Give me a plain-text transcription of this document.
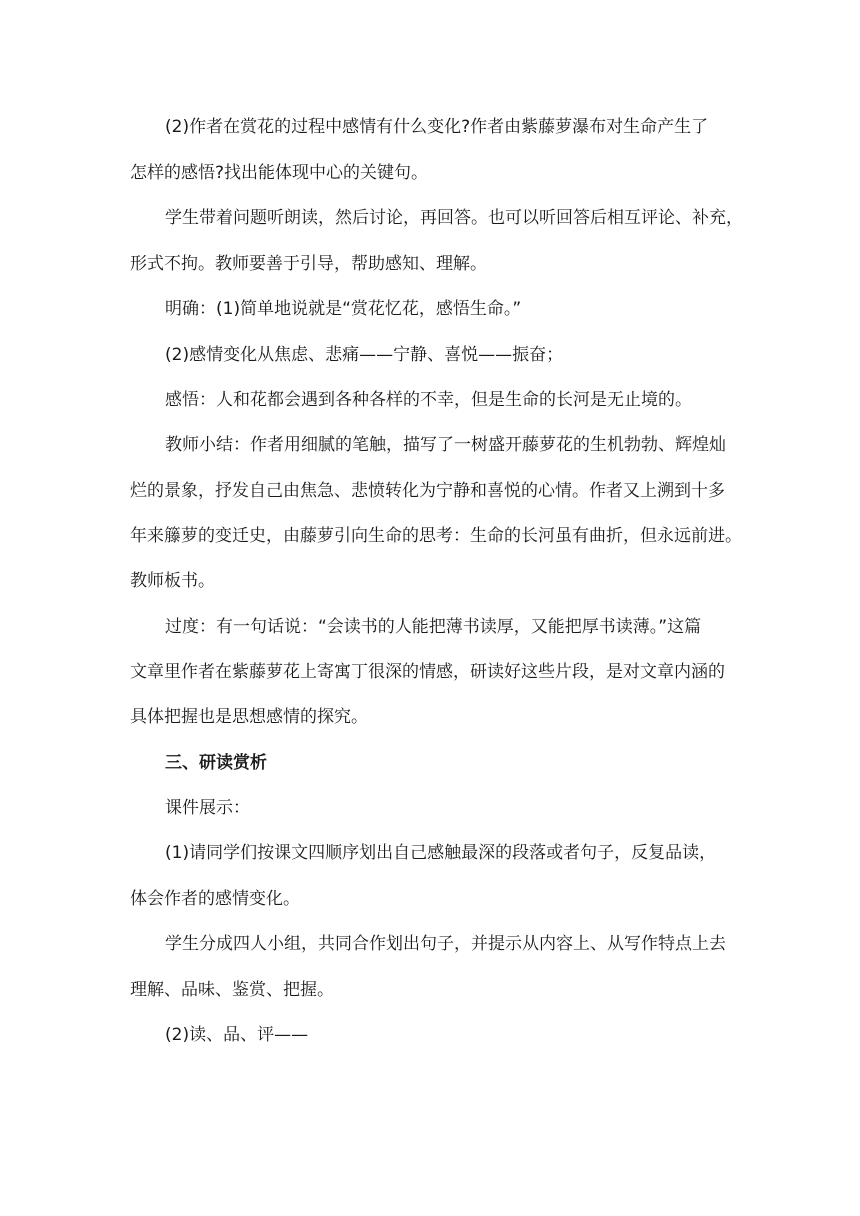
(2)作者在赏花的过程中感情有什么变化?作者由紫藤萝瀑布对生命产生了
怎样的感悟?找出能体现中心的关键句。
学生带着问题听朗读，然后讨论，再回答。也可以听回答后相互评论、补充，
形式不拘。教师要善于引导，帮助感知、理解。
明确：(1)简单地说就是“赏花忆花，感悟生命。”
(2)感情变化从焦虑、悲痛——宁静、喜悦——振奋；
感悟：人和花都会遇到各种各样的不幸，但是生命的长河是无止境的。
教师小结：作者用细腻的笔触，描写了一树盛开藤萝花的生机勃勃、辉煌灿
烂的景象，抒发自己由焦急、悲愤转化为宁静和喜悦的心情。作者又上溯到十多
年来籐萝的变迁史，由藤萝引向生命的思考：生命的长河虽有曲折，但永远前进。
教师板书。
过度：有一句话说：“会读书的人能把薄书读厚，又能把厚书读薄。”这篇
文章里作者在紫藤萝花上寄寓丁很深的情感，研读好这些片段，是对文章内涵的
具体把握也是思想感情的探究。
三、研读赏析
课件展示：
(1)请同学们按课文四顺序划出自己感触最深的段落或者句子，反复品读，
体会作者的感情变化。
学生分成四人小组，共同合作划出句子，并提示从内容上、从写作特点上去
理解、品味、鉴赏、把握。
(2)读、品、评——
